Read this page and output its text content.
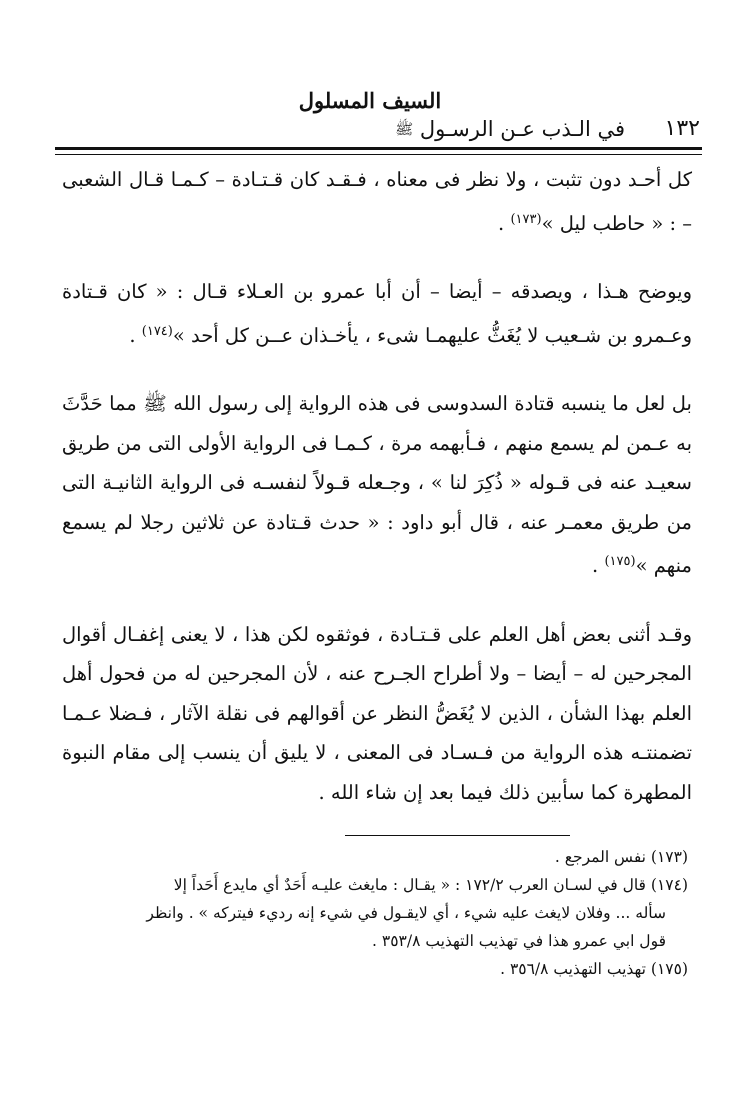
السيف المسلول
في الـذب عـن الرسـول ﷺ	١٣٢

كل أحـد دون تثبت ، ولا نظر فى معناه ، فـقـد كان قـتـادة – كـمـا قـال الشعبى – : « حاطب ليل »$^{(١٧٣)}$ .

ويوضح هـذا ، ويصدقه – أيضا – أن أبا عمرو بن العـلاء قـال : « كان قـتادة وعـمرو بن شـعيب لا يُغَثُّ عليهمـا شىء ، يأخـذان عــن كل أحد »$^{(١٧٤)}$ .

بل لعل ما ينسبه قتادة السدوسى فى هذه الرواية إلى رسول الله ﷺ مما حَدَّثَ به عـمن لم يسمع منهم ، فـأبهمه مرة ، كـمـا فى الرواية الأولى التى من طريق سعيـد عنه فى قـوله « ذُكِرَ لنا » ، وجـعله قـولاً لنفسـه فى الرواية الثانيـة التى من طريق معمـر عنه ، قال أبو داود : « حدث قـتادة عن ثلاثين رجلا لم يسمع منهم »$^{(١٧٥)}$ .

وقـد أثنى بعض أهل العلم على قـتـادة ، فوثقوه لكن هذا ، لا يعنى إغفـال أقوال المجرحين له – أيضا – ولا أطراح الجـرح عنه ، لأن المجرحين له من فحول أهل العلم بهذا الشأن ، الذين لا يُغَضُّ النظر عن أقوالهم فى نقلة الآثار ، فـضلا عـمـا تضمنتـه هذه الرواية من فـسـاد فى المعنى ، لا يليق أن ينسب إلى مقام النبوة المطهرة كما سأبين ذلك فيما بعد إن شاء الله .

(١٧٣) نفس المرجع .

(١٧٤) قال في لسـان العرب ١٧٢/٢ : « يقـال : مايغث عليـه أَحَدٌ أي مايدع أَحَداً إلا

سأله ... وفلان لايغث عليه شيء ، أي لايقـول في شيء إنه رديء فيتركه » . وانظر

قول ابي عمرو هذا في تهذيب التهذيب ٣٥٣/٨ .

(١٧٥) تهذيب التهذيب ٣٥٦/٨ .
